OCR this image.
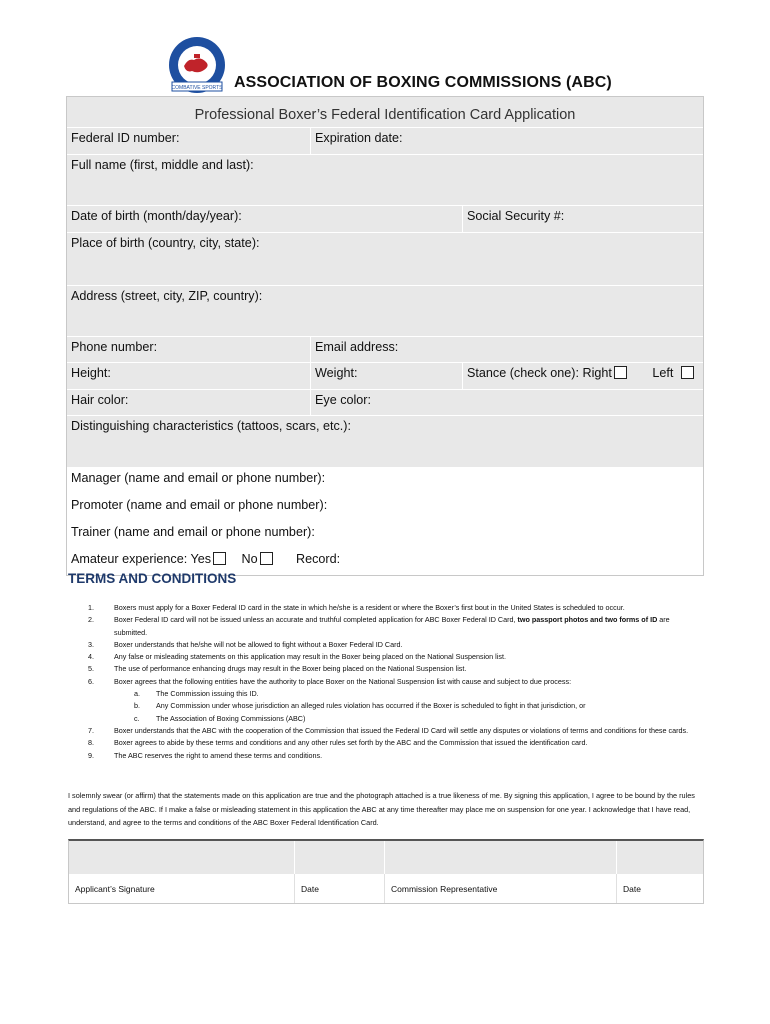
COMBATIVE SPORTS ASSOCIATION OF BOXING COMMISSIONS (ABC)
Professional Boxer’s Federal Identification Card Application
Federal ID number:	Expiration date:
Full name (first, middle and last):
Date of birth (month/day/year):	Social Security #:
Place of birth (country, city, state):
Address (street, city, ZIP, country):
Phone number:	Email address:
Height:	Weight:	Stance (check one): Right	Left
Hair color:	Eye color:
Distinguishing characteristics (tattoos, scars, etc.):
Manager (name and email or phone number):
Promoter (name and email or phone number):
Trainer (name and email or phone number):
Amateur experience: Yes No	Record:
TERMS AND CONDITIONS
1.	Boxers must apply for a Boxer Federal ID card in the state in which he/she is a resident or where the Boxer’s first bout in the United States is scheduled to occur.
2.	Boxer Federal ID card will not be issued unless an accurate and truthful completed application for ABC Boxer Federal ID Card, two passport photos and two forms of ID are submitted.
3.	Boxer understands that he/she will not be allowed to fight without a Boxer Federal ID Card.
4.	Any false or misleading statements on this application may result in the Boxer being placed on the National Suspension list.
5.	The use of performance enhancing drugs may result in the Boxer being placed on the National Suspension list.
6.	Boxer agrees that the following entities have the authority to place Boxer on the National Suspension list with cause and subject to due process:
a.	The Commission issuing this ID.
b.	Any Commission under whose jurisdiction an alleged rules violation has occurred if the Boxer is scheduled to fight in that jurisdiction, or
c.	The Association of Boxing Commissions (ABC)
7.	Boxer understands that the ABC with the cooperation of the Commission that issued the Federal ID Card will settle any disputes or violations of terms and conditions for these cards.
8.	Boxer agrees to abide by these terms and conditions and any other rules set forth by the ABC and the Commission that issued the identification card.
9.	The ABC reserves the right to amend these terms and conditions.
I solemnly swear (or affirm) that the statements made on this application are true and the photograph attached is a true likeness of me. By signing this application, I agree to be bound by the rules and regulations of the ABC. If I make a false or misleading statement in this application the ABC at any time thereafter may place me on suspension for one year. I acknowledge that I have read, understand, and agree to the terms and conditions of the ABC Boxer Federal Identification Card.
Applicant’s Signature	Date	Commission Representative	Date
